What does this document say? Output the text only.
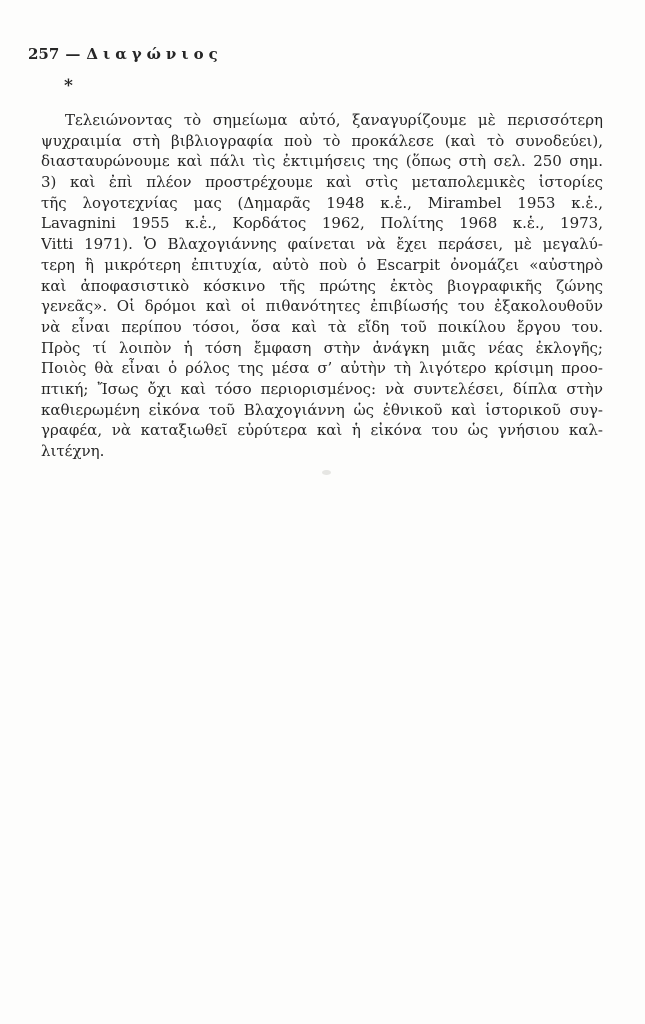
257 — Διαγώνιος
*
Τελειώνοντας τὸ σημείωμα αὐτό, ξαναγυρίζουμε μὲ περισσότερη
ψυχραιμία στὴ βιβλιογραφία ποὺ τὸ προκάλεσε (καὶ τὸ συνοδεύει),
διασταυρώνουμε καὶ πάλι τὶς ἐκτιμήσεις της (ὅπως στὴ σελ. 250 σημ.
3) καὶ ἐπὶ πλέον προστρέχουμε καὶ στὶς μεταπολεμικὲς ἱστορίες
τῆς λογοτεχνίας μας (Δημαρᾶς 1948 κ.ἑ., Mirambel 1953 κ.ἑ.,
Lavagnini 1955 κ.ἑ., Κορδάτος 1962, Πολίτης 1968 κ.ἑ., 1973,
Vitti 1971). Ὁ Βλαχογιάννης φαίνεται νὰ ἔχει περάσει, μὲ μεγαλύ-
τερη ἢ μικρότερη ἐπιτυχία, αὐτὸ ποὺ ὁ Escarpit ὀνομάζει «αὐστηρὸ
καὶ ἀποφασιστικὸ κόσκινο τῆς πρώτης ἐκτὸς βιογραφικῆς ζώνης
γενεᾶς». Οἱ δρόμοι καὶ οἱ πιθανότητες ἐπιβίωσής του ἐξακολουθοῦν
νὰ εἶναι περίπου τόσοι, ὅσα καὶ τὰ εἴδη τοῦ ποικίλου ἔργου του.
Πρὸς τί λοιπὸν ἡ τόση ἔμφαση στὴν ἀνάγκη μιᾶς νέας ἐκλογῆς;
Ποιὸς θὰ εἶναι ὁ ρόλος της μέσα σ’ αὐτὴν τὴ λιγότερο κρίσιμη προο-
πτική; Ἴσως ὄχι καὶ τόσο περιορισμένος: νὰ συντελέσει, δίπλα στὴν
καθιερωμένη εἰκόνα τοῦ Βλαχογιάννη ὡς ἐθνικοῦ καὶ ἱστορικοῦ συγ-
γραφέα, νὰ καταξιωθεῖ εὐρύτερα καὶ ἡ εἰκόνα του ὡς γνήσιου καλ-
λιτέχνη.
